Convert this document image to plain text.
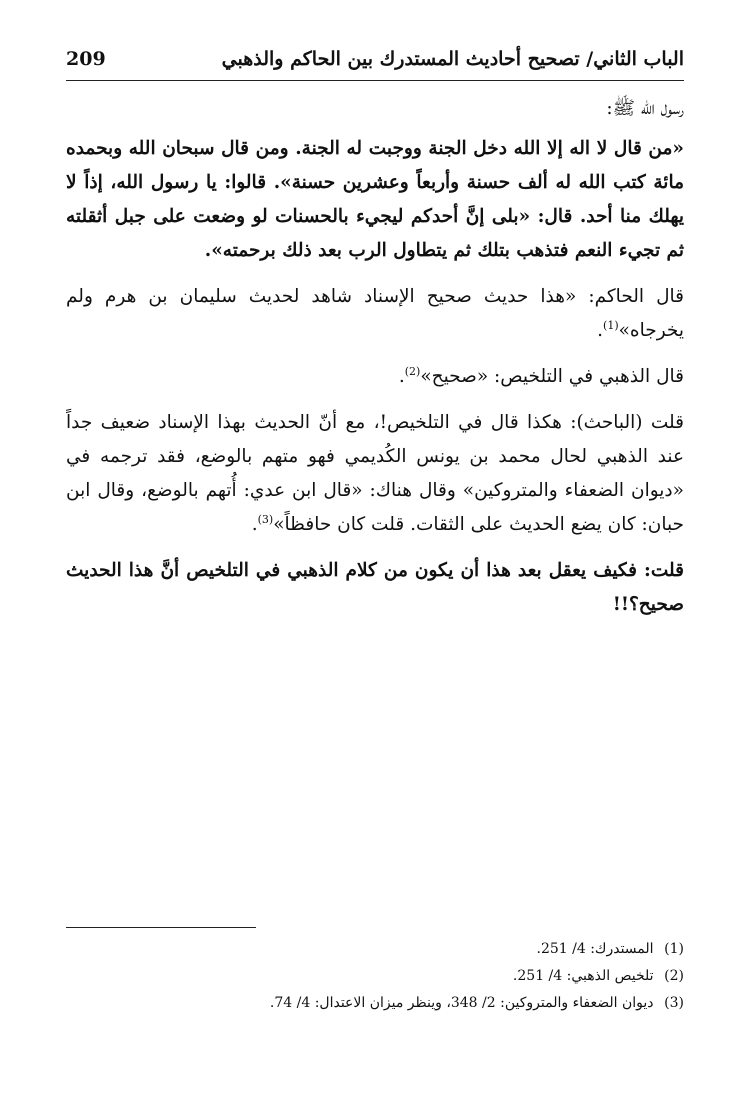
209	الباب الثاني/ تصحيح أحاديث المستدرك بين الحاكم والذهبي

رسول الله ﷺ:

«من قال لا اله إلا الله دخل الجنة ووجبت له الجنة. ومن قال سبحان الله وبحمده مائة كتب الله له ألف حسنة وأربعاً وعشرين حسنة». قالوا: يا رسول الله، إذاً لا يهلك منا أحد. قال: «بلى إنَّ أحدكم ليجيء بالحسنات لو وضعت على جبل أثقلته ثم تجيء النعم فتذهب بتلك ثم يتطاول الرب بعد ذلك برحمته».

قال الحاكم: «هذا حديث صحيح الإسناد شاهد لحديث سليمان بن هرم ولم يخرجاه»$^{(1)}$.

قال الذهبي في التلخيص: «صحيح»$^{(2)}$.

قلت (الباحث): هكذا قال في التلخيص!، مع أنّ الحديث بهذا الإسناد ضعيف جداً عند الذهبي لحال محمد بن يونس الكُديمي فهو متهم بالوضع، فقد ترجمه في «ديوان الضعفاء والمتروكين» وقال هناك: «قال ابن عدي: أُتهم بالوضع، وقال ابن حبان: كان يضع الحديث على الثقات. قلت كان حافظاً»$^{(3)}$.

قلت: فكيف يعقل بعد هذا أن يكون من كلام الذهبي في التلخيص أنَّ هذا الحديث صحيح؟!!

(1) المستدرك: 4/ 251.
(2) تلخيص الذهبي: 4/ 251.
(3) ديوان الضعفاء والمتروكين: 2/ 348، وينظر ميزان الاعتدال: 4/ 74.
